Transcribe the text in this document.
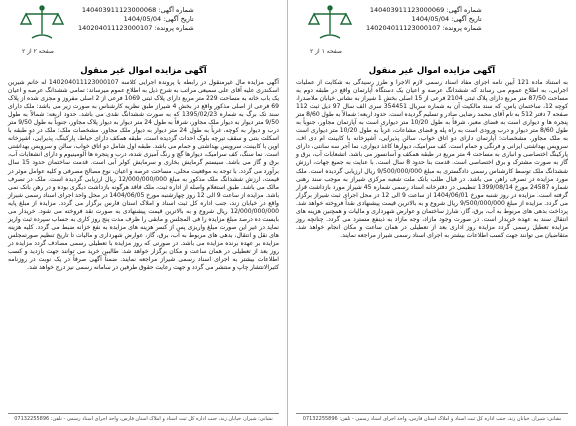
شماره آگهی: 140403911123000068
تاریخ آگهی: 1404/05/04
شماره پرونده: 140204011123000107
صفحه ۲ از ۲
آگهی مزایده اموال غیر منقول

آگهی مزایده مال غیرمنقول در رابطه با پرونده اجرایی کلاسه 140204011123000107 له خانم شیرین اسکندری علیه آقای علی سمیعی مراتب به شرح ذیل به اطلاع عموم میرساند: تمامی ششدانگ عرصه و اعیان یک باب خانه به مساحت 229 متر مربع دارای پلاک ثبتی 1069 فرعی از 2 اصلی مفروز و مجزی شده از پلاک 69 فرعی از اصلی مذکور واقع در بخش 4 شیراز طبق نظریه کارشناس به صورت زیر می باشد: ملک دارای سند تک برگ به شماره 1395/02/23 که به صورت ششدانگ نقدی می باشد. حدود اربعه: شمالاً به طول 9/50 متر دیوار به دیوار ملک مجاور، شرقاً به طول 24 متر دیوار به دیوار پلاک مجاور، جنوباً به طول 9/50 متر درب و دیوار به کوچه، غرباً به طول 24 متر دیوار به دیوار ملک مجاور. مشخصات ملک: ملک در دو طبقه با اسکلت بتنی و سقف تیرچه بلوک احداث گردیده است. طبقه همکف دارای حیاط، پارکینگ، پذیرایی، آشپزخانه اوپن با کابینت، سرویس بهداشتی و حمام می باشد. طبقه اول شامل دو اتاق خواب، سالن و سرویس بهداشتی است. نما سنگ، کف سرامیک، دیوارها گچ و رنگ آمیزی شده، درب و پنجره ها آلومینیوم و دارای انشعابات آب، برق و گاز می باشد. سیستم گرمایش بخاری و سرمایش کولر آبی است. قدمت ساختمان حدود 15 سال برآورد می گردد. با توجه به موقعیت محلی، مساحت عرصه و اعیان، نوع مصالح مصرفی و کلیه عوامل موثر در قیمت، ارزش ششدانگ ملک مذکور به مبلغ 12/000/000/000 ریال ارزیابی گردیده است. ملک در تصرف مالک می باشد. طبق استعلام واصله از اداره ثبت، ملک فاقد هرگونه بازداشت دیگری بوده و در رهن بانک نمی باشد. مزایده از ساعت 9 الی 12 روز چهارشنبه مورخ 1404/06/05 در محل واحد اجرای اسناد رسمی شیراز واقع در خیابان زند، جنب اداره کل ثبت اسناد و املاک استان فارس برگزار می گردد. مزایده از مبلغ پایه 12/000/000/000 ریال شروع و به بالاترین قیمت پیشنهادی به صورت نقد فروخته می شود. خریدار می بایست ده درصد مبلغ مزایده را فی المجلس و مابقی را ظرف مدت پنج روز کاری به حساب سپرده ثبت واریز نماید در غیر این صورت مبلغ واریزی پس از کسر هزینه های مزایده به نفع خزانه ضبط می گردد. کلیه هزینه های نقل و انتقال، بدهی های مربوط به آب، برق، گاز، عوارض شهرداری و مالیات تا تاریخ تنظیم صورتمجلس مزایده بر عهده برنده مزایده می باشد. در صورتی که روز مزایده با تعطیلی رسمی مصادف گردد مزایده در روز بعد از تعطیلی در همان ساعت و مکان برگزار خواهد شد. طالبین خرید می توانند جهت بازدید و کسب اطلاعات بیشتر به اجرای اسناد رسمی شیراز مراجعه نمایند. ضمناً آگهی صرفاً در یک نوبت در روزنامه کثیرالانتشار چاپ و منتشر می گردد و جهت رعایت حقوق طرفین در سامانه رسمی نیز درج خواهد شد.

نشانی: شیراز، خیابان زند، جنب اداره کل ثبت اسناد و املاک استان فارس، واحد اجرای اسناد رسمی - تلفن: 07132255896
شماره آگهی: 140403911123000069
تاریخ آگهی: 1404/05/04
شماره پرونده: 140204011123000107
صفحه ۱ از ۲
آگهی مزایده اموال غیر منقول

به استناد ماده 121 آیین نامه اجرای مفاد اسناد رسمی لازم الاجرا و طرز رسیدگی به شکایت از عملیات اجرایی، به اطلاع عموم می رساند که ششدانگ عرصه و اعیان یک دستگاه آپارتمان واقع در طبقه دوم به مساحت 87/50 متر مربع دارای پلاک ثبتی 2104 فرعی از 15 اصلی بخش 1 شیراز به نشانی خیابان ملاصدرا، کوچه 12، ساختمان یاس، که سند مالکیت آن به شماره سریال 354451 سری الف سال 97 ذیل ثبت 112 صفحه 7 دفتر 512 به نام آقای محمد رضایی صادر و تسلیم گردیده است. حدود اربعه: شمالاً به طول 8/60 متر پنجره ها و دیواری است به فضای معبر، شرقاً به طول 10/20 متر دیواری است به آپارتمان مجاور، جنوباً به طول 8/60 متر دیوار و درب ورودی است به راه پله و فضای مشاعات، غرباً به طول 10/20 متر دیواری است به ملک مجاور. مشخصات: آپارتمان دارای دو اتاق خواب، سالن پذیرایی، آشپزخانه با کابینت ام دی اف، سرویس بهداشتی ایرانی و فرنگی و حمام است. کف سرامیک، دیوارها کاغذ دیواری، نما آجر سه سانتی، دارای پارکینگ اختصاصی و انباری به مساحت 4 متر مربع در طبقه همکف و آسانسور می باشد. انشعابات آب، برق و گاز به صورت مشترک و برق اختصاصی است. قدمت بنا حدود 8 سال است. با عنایت به جمیع جهات، ارزش ششدانگ ملک توسط کارشناس رسمی دادگستری به مبلغ 9/500/000/000 ریال ارزیابی گردیده است. ملک مورد مزایده در تصرف راهن می باشد. در قبال طلب بانک ملت شعبه مرکزی شیراز به موجب سند رهنی شماره 24587 مورخ 1399/08/14 تنظیمی در دفترخانه اسناد رسمی شماره 45 شیراز مورد بازداشت قرار گرفته است. مزایده در روز شنبه مورخ 1404/06/01 از ساعت 9 الی 12 در محل اجرای ثبت شیراز برگزار می گردد. مزایده از مبلغ 9/500/000/000 ریال شروع و به بالاترین قیمت پیشنهادی نقداً فروخته خواهد شد. پرداخت بدهی های مربوط به آب، برق، گاز، شارژ ساختمان و عوارض شهرداری و مالیات و همچنین هزینه های انتقال سند به عهده خریدار است. در صورت وجود مازاد، وجه مازاد به ذینفع مسترد می گردد. چنانچه روز مزایده تعطیل رسمی گردد مزایده روز اداری بعد از تعطیلی در همان ساعت و مکان انجام خواهد شد. متقاضیان می توانند جهت کسب اطلاعات بیشتر به اجرای اسناد رسمی شیراز مراجعه نمایند.

نشانی: شیراز، خیابان زند، جنب اداره کل ثبت اسناد و املاک استان فارس، واحد اجرای اسناد رسمی - تلفن: 07132255896
